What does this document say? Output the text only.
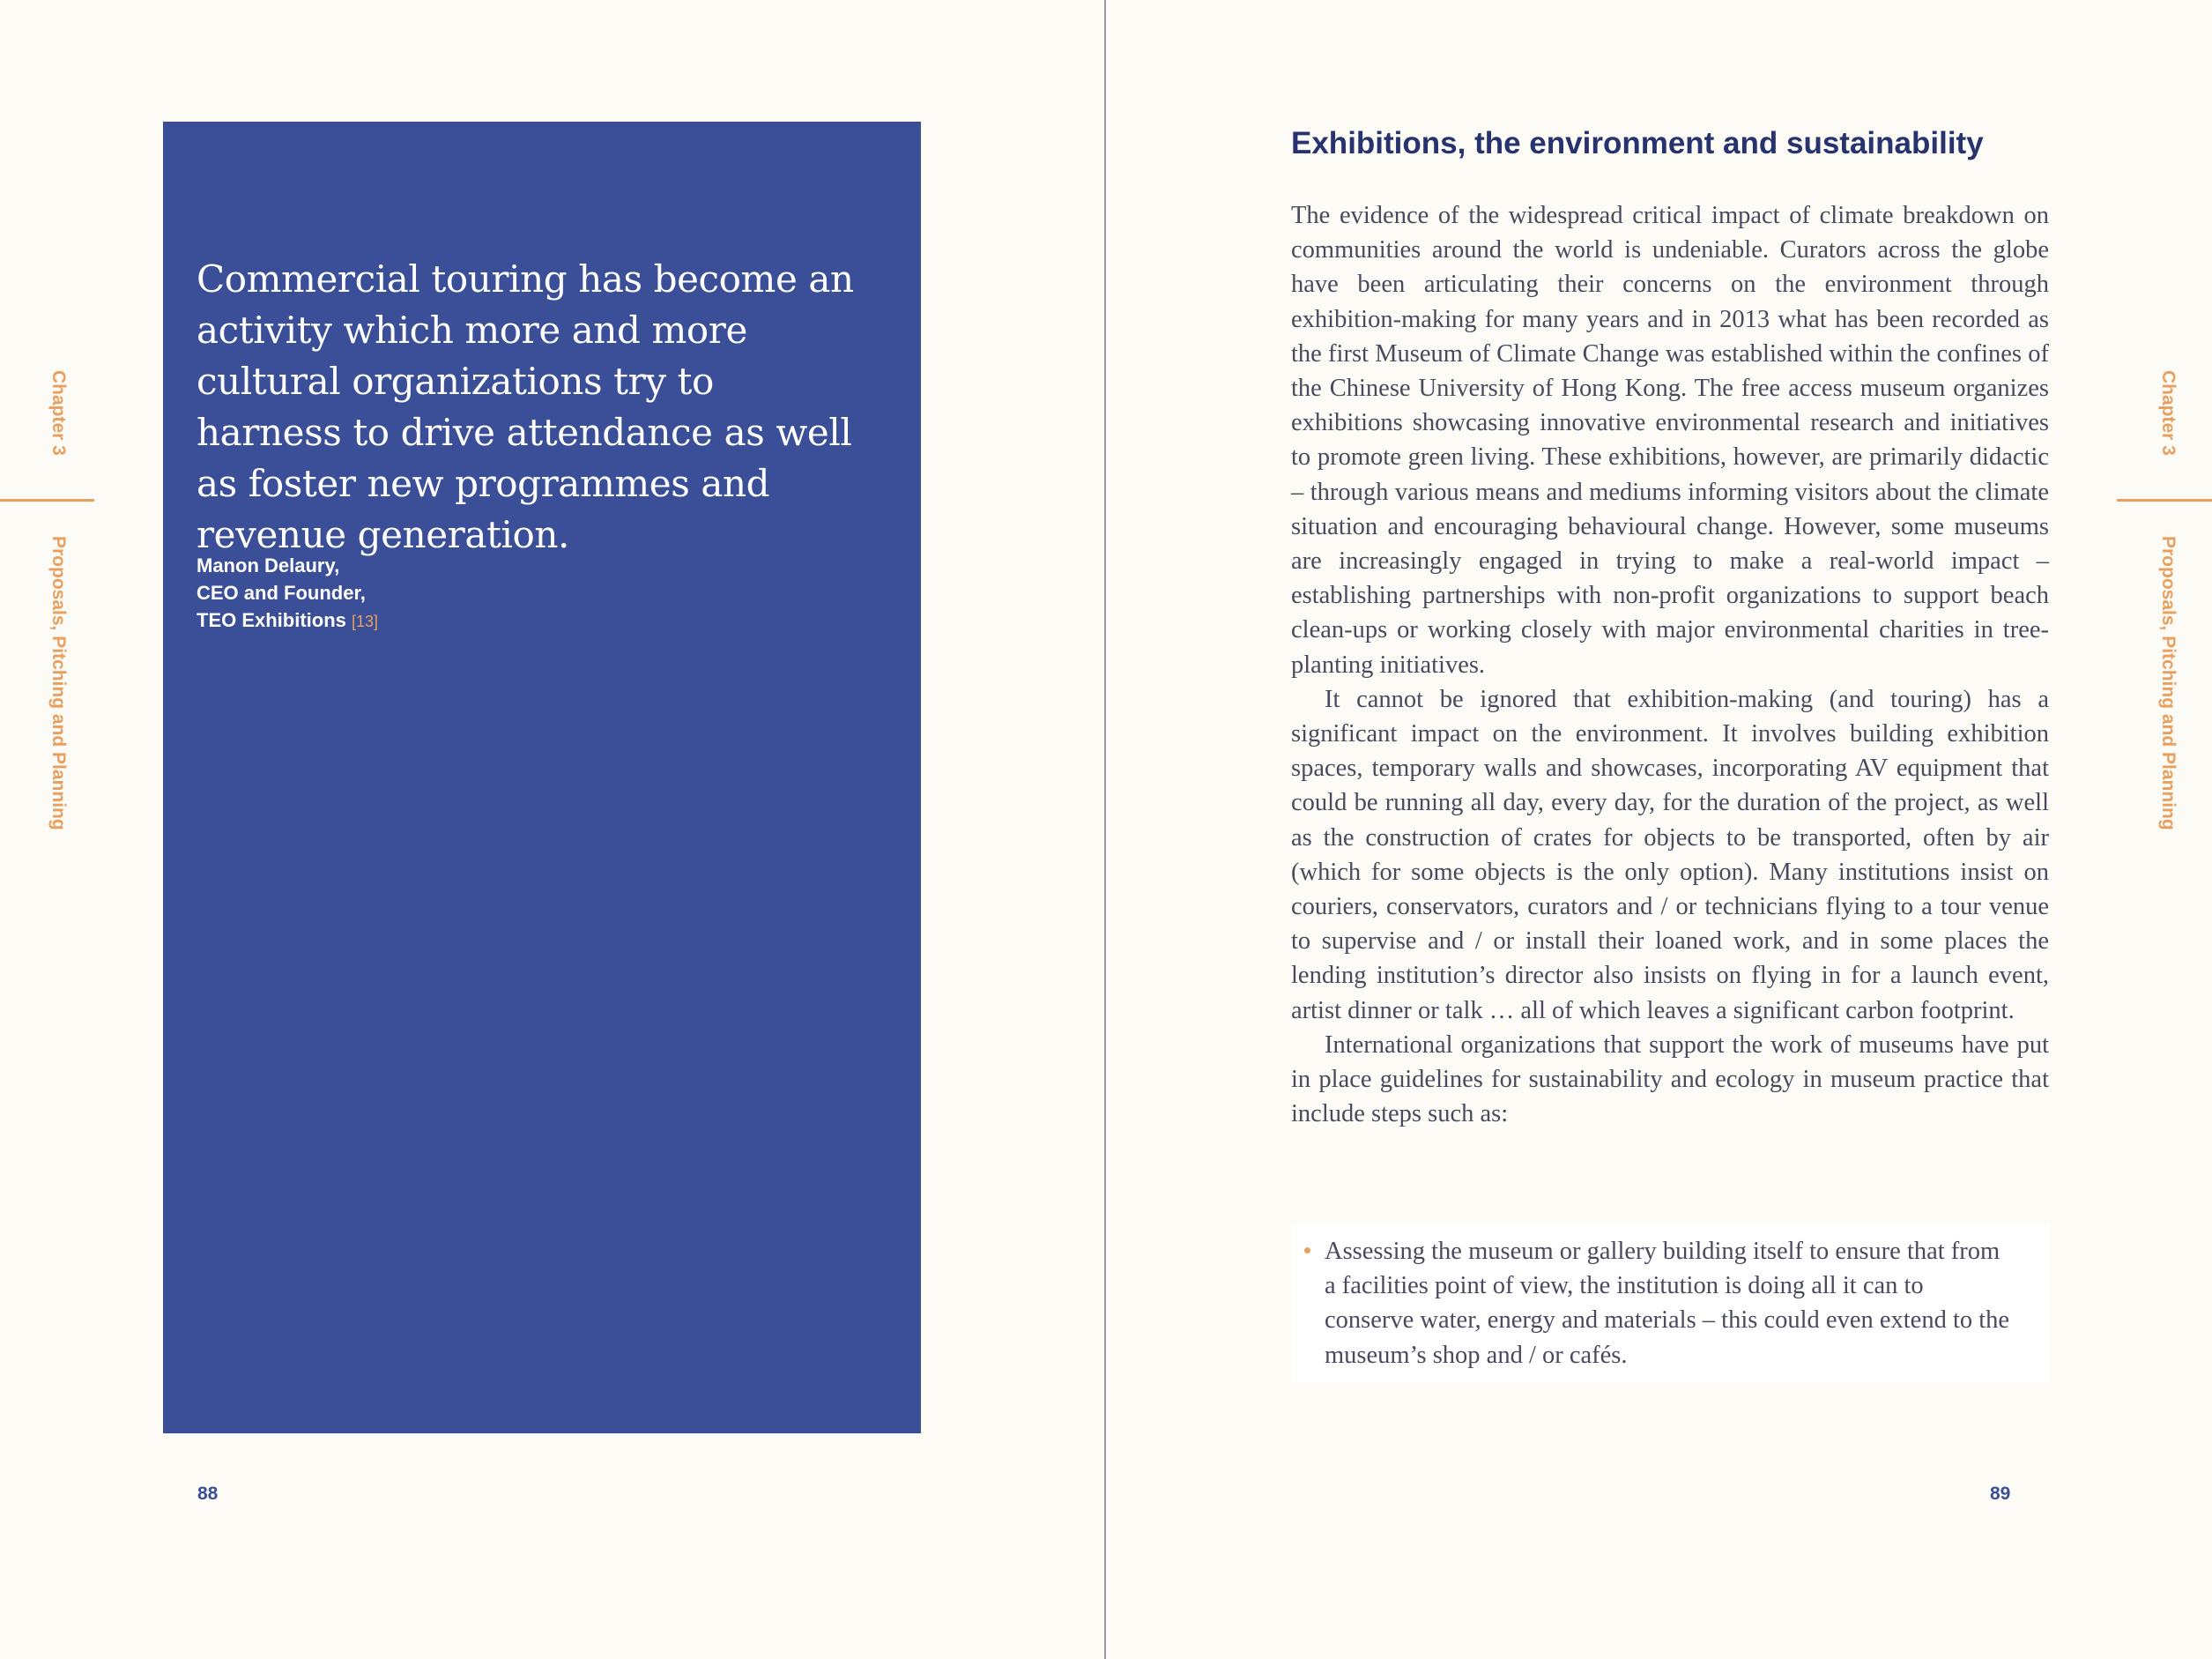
Commercial touring has become an activity which more and more cultural organizations try to harness to drive attendance as well as foster new programmes and revenue generation.
Manon Delaury,
CEO and Founder,
TEO Exhibitions [13]
88
Chapter 3
Proposals, Pitching and Planning
Exhibitions, the environment and sustainability

The evidence of the widespread critical impact of climate breakdown on communities around the world is undeniable. Curators across the globe have been articulating their concerns on the environment through exhibition-making for many years and in 2013 what has been recorded as the first Museum of Climate Change was established within the confines of the Chinese University of Hong Kong. The free access museum organizes exhibitions showcasing innovative environmental research and initiatives to promote green living. These exhibitions, however, are primarily didactic – through various means and mediums informing visitors about the climate situation and encouraging behavioural change. However, some museums are increasingly engaged in trying to make a real-world impact – establishing partnerships with non-profit organizations to support beach clean-ups or working closely with major environmental charities in tree-planting initiatives.

It cannot be ignored that exhibition-making (and touring) has a significant impact on the environment. It involves building exhibition spaces, temporary walls and showcases, incorporating AV equipment that could be running all day, every day, for the duration of the project, as well as the construction of crates for objects to be transported, often by air (which for some objects is the only option). Many institutions insist on couriers, conservators, curators and / or technicians flying to a tour venue to supervise and / or install their loaned work, and in some places the lending institution’s director also insists on flying in for a launch event, artist dinner or talk … all of which leaves a significant carbon footprint.

International organizations that support the work of museums have put in place guidelines for sustainability and ecology in museum practice that include steps such as:

Assessing the museum or gallery building itself to ensure that from a facilities point of view, the institution is doing all it can to conserve water, energy and materials – this could even extend to the museum’s shop and / or cafés.
89
Chapter 3
Proposals, Pitching and Planning
